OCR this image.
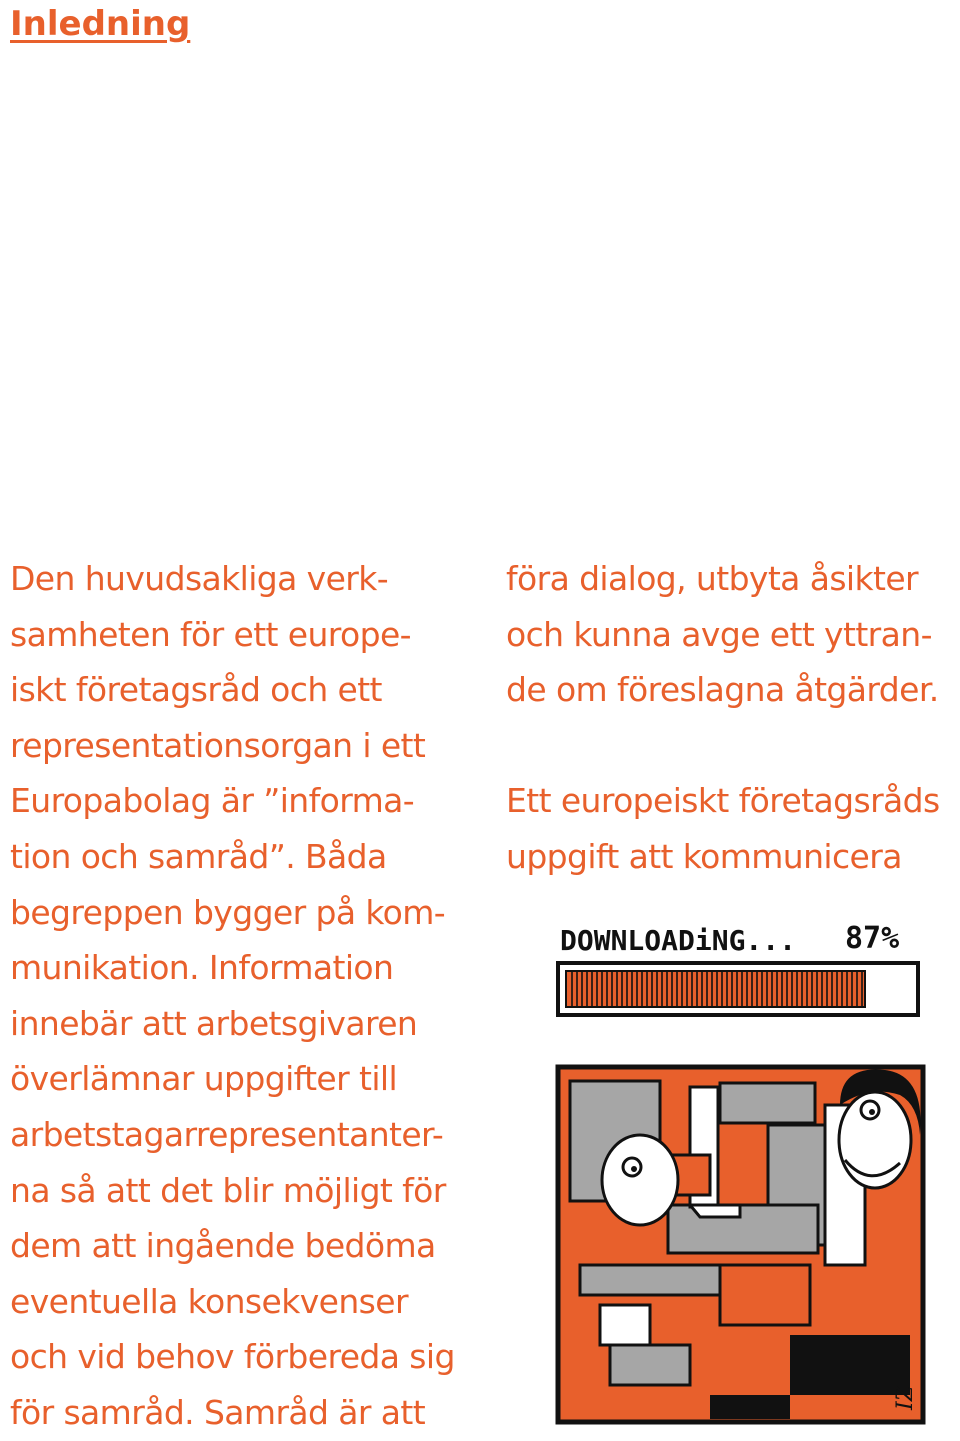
Inledning

Den huvudsakliga verk-
samheten för ett europe-
iskt företagsråd och ett
representationsorgan i ett
Europabolag är ”informa-
tion och samråd”. Båda
begreppen bygger på kom-
munikation. Information
innebär att arbetsgivaren
överlämnar uppgifter till
arbetstagarrepresentanter-
na så att det blir möjligt för
dem att ingående bedöma
eventuella konsekvenser
och vid behov förbereda sig
för samråd. Samråd är att

föra dialog, utbyta åsikter
och kunna avge ett yttran-
de om föreslagna åtgärder.

Ett europeiskt företagsråds
uppgift att kommunicera

DOWNLOADiNG... 87%
IZ
